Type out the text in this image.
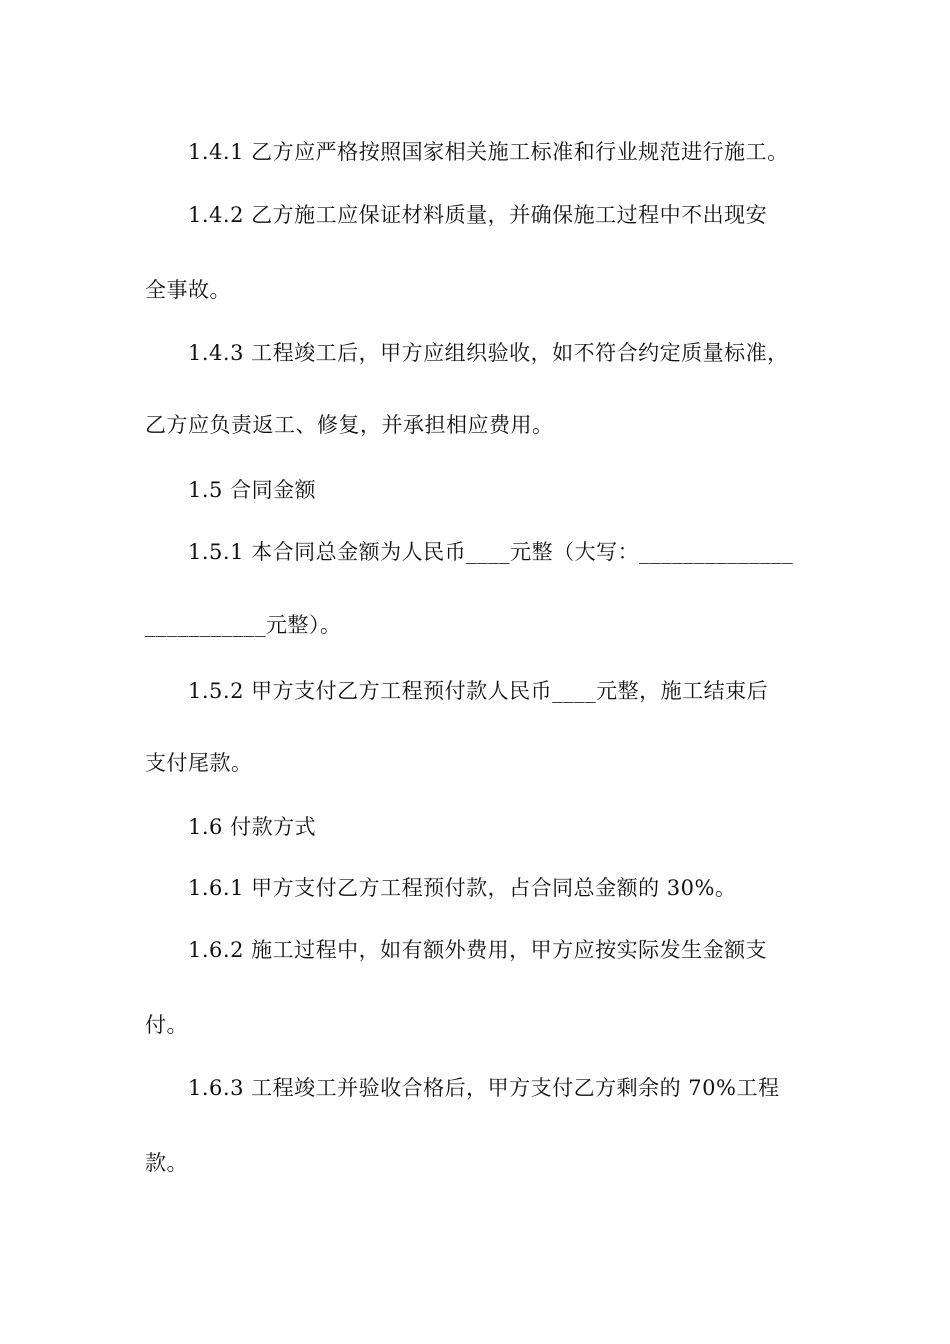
1.4.1 乙方应严格按照国家相关施工标准和行业规范进行施工。
1.4.2 乙方施工应保证材料质量，并确保施工过程中不出现安
全事故。
1.4.3 工程竣工后，甲方应组织验收，如不符合约定质量标准，
乙方应负责返工、修复，并承担相应费用。
1.5 合同金额
1.5.1 本合同总金额为人民币____元整（大写：______________
___________元整）。
1.5.2 甲方支付乙方工程预付款人民币____元整，施工结束后
支付尾款。
1.6 付款方式
1.6.1 甲方支付乙方工程预付款，占合同总金额的 30%。
1.6.2 施工过程中，如有额外费用，甲方应按实际发生金额支
付。
1.6.3 工程竣工并验收合格后，甲方支付乙方剩余的 70%工程
款。
